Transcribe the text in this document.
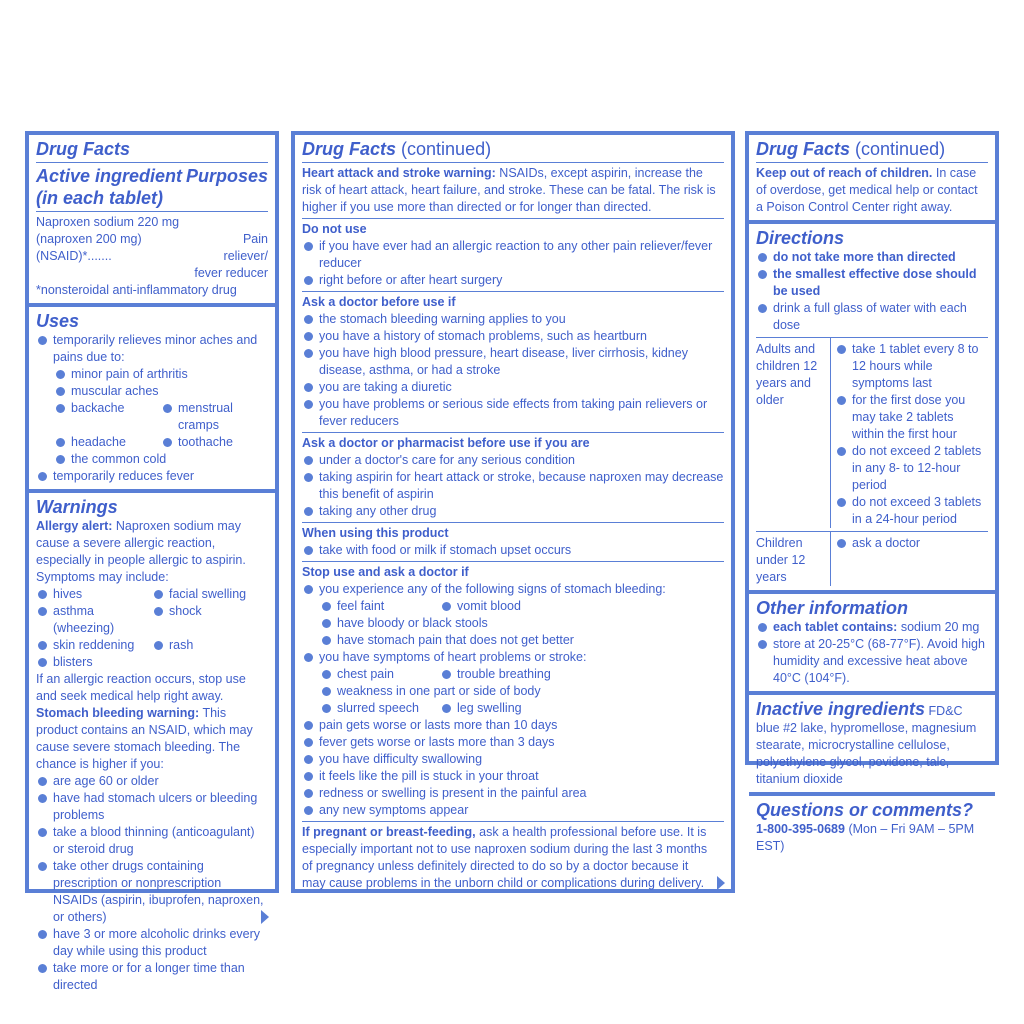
Drug Facts
Active ingredient Purposes
(in each tablet)
Naproxen sodium 220 mg
(naproxen 200 mg) (NSAID)*.......
Pain reliever/
fever reducer
*nonsteroidal anti-inflammatory drug
Uses
temporarily relieves minor aches and pains due to:
minor pain of arthritis
muscular aches
backache	menstrual cramps
headache	toothache
the common cold
temporarily reduces fever
Warnings
Allergy alert: Naproxen sodium may cause a severe allergic reaction, especially in people allergic to aspirin. Symptoms may include:
hives	facial swelling
asthma (wheezing)
shock
skin reddening	rash
blisters
If an allergic reaction occurs, stop use and seek medical help right away.
Stomach bleeding warning: This product contains an NSAID, which may cause severe stomach bleeding. The chance is higher if you:
are age 60 or older
have had stomach ulcers or bleeding problems
take a blood thinning (anticoagulant) or steroid drug
take other drugs containing prescription or nonprescription NSAIDs (aspirin, ibuprofen, naproxen, or others)
have 3 or more alcoholic drinks every day while using this product
take more or for a longer time than directed
Drug Facts (continued)
Heart attack and stroke warning: NSAIDs, except aspirin, increase the risk of heart attack, heart failure, and stroke. These can be fatal. The risk is higher if you use more than directed or for longer than directed.
Do not use
if you have ever had an allergic reaction to any other pain reliever/fever reducer
right before or after heart surgery
Ask a doctor before use if
the stomach bleeding warning applies to you
you have a history of stomach problems, such as heartburn
you have high blood pressure, heart disease, liver cirrhosis, kidney disease, asthma, or had a stroke
you are taking a diuretic
you have problems or serious side effects from taking pain relievers or fever reducers
Ask a doctor or pharmacist before use if you are
under a doctor's care for any serious condition
taking aspirin for heart attack or stroke, because naproxen may decrease this benefit of aspirin
taking any other drug
When using this product
take with food or milk if stomach upset occurs
Stop use and ask a doctor if
you experience any of the following signs of stomach bleeding:
feel faint	vomit blood
have bloody or black stools
have stomach pain that does not get better
you have symptoms of heart problems or stroke:
chest pain	trouble breathing
weakness in one part or side of body
slurred speech	leg swelling
pain gets worse or lasts more than 10 days
fever gets worse or lasts more than 3 days
you have difficulty swallowing
it feels like the pill is stuck in your throat
redness or swelling is present in the painful area
any new symptoms appear
If pregnant or breast-feeding, ask a health professional before use. It is especially important not to use naproxen sodium during the last 3 months of pregnancy unless definitely directed to do so by a doctor because it may cause problems in the unborn child or complications during delivery.
Drug Facts (continued)
Keep out of reach of children. In case of overdose, get medical help or contact a Poison Control Center right away.
Directions
do not take more than directed
the smallest effective dose should be used
drink a full glass of water with each dose
Adults and children 12 years and older
take 1 tablet every 8 to 12 hours while symptoms last
for the first dose you may take 2 tablets within the first hour
do not exceed 2 tablets in any 8- to 12-hour period
do not exceed 3 tablets in a 24-hour period
Children under 12 years
ask a doctor
Other information
each tablet contains: sodium 20 mg
store at 20-25°C (68-77°F). Avoid high humidity and excessive heat above 40°C (104°F).
Inactive ingredients FD&C blue #2 lake, hypromellose, magnesium stearate, microcrystalline cellulose, polyethylene glycol, povidone, talc, titanium dioxide
Questions or comments?
1-800-395-0689 (Mon – Fri 9AM – 5PM EST)
